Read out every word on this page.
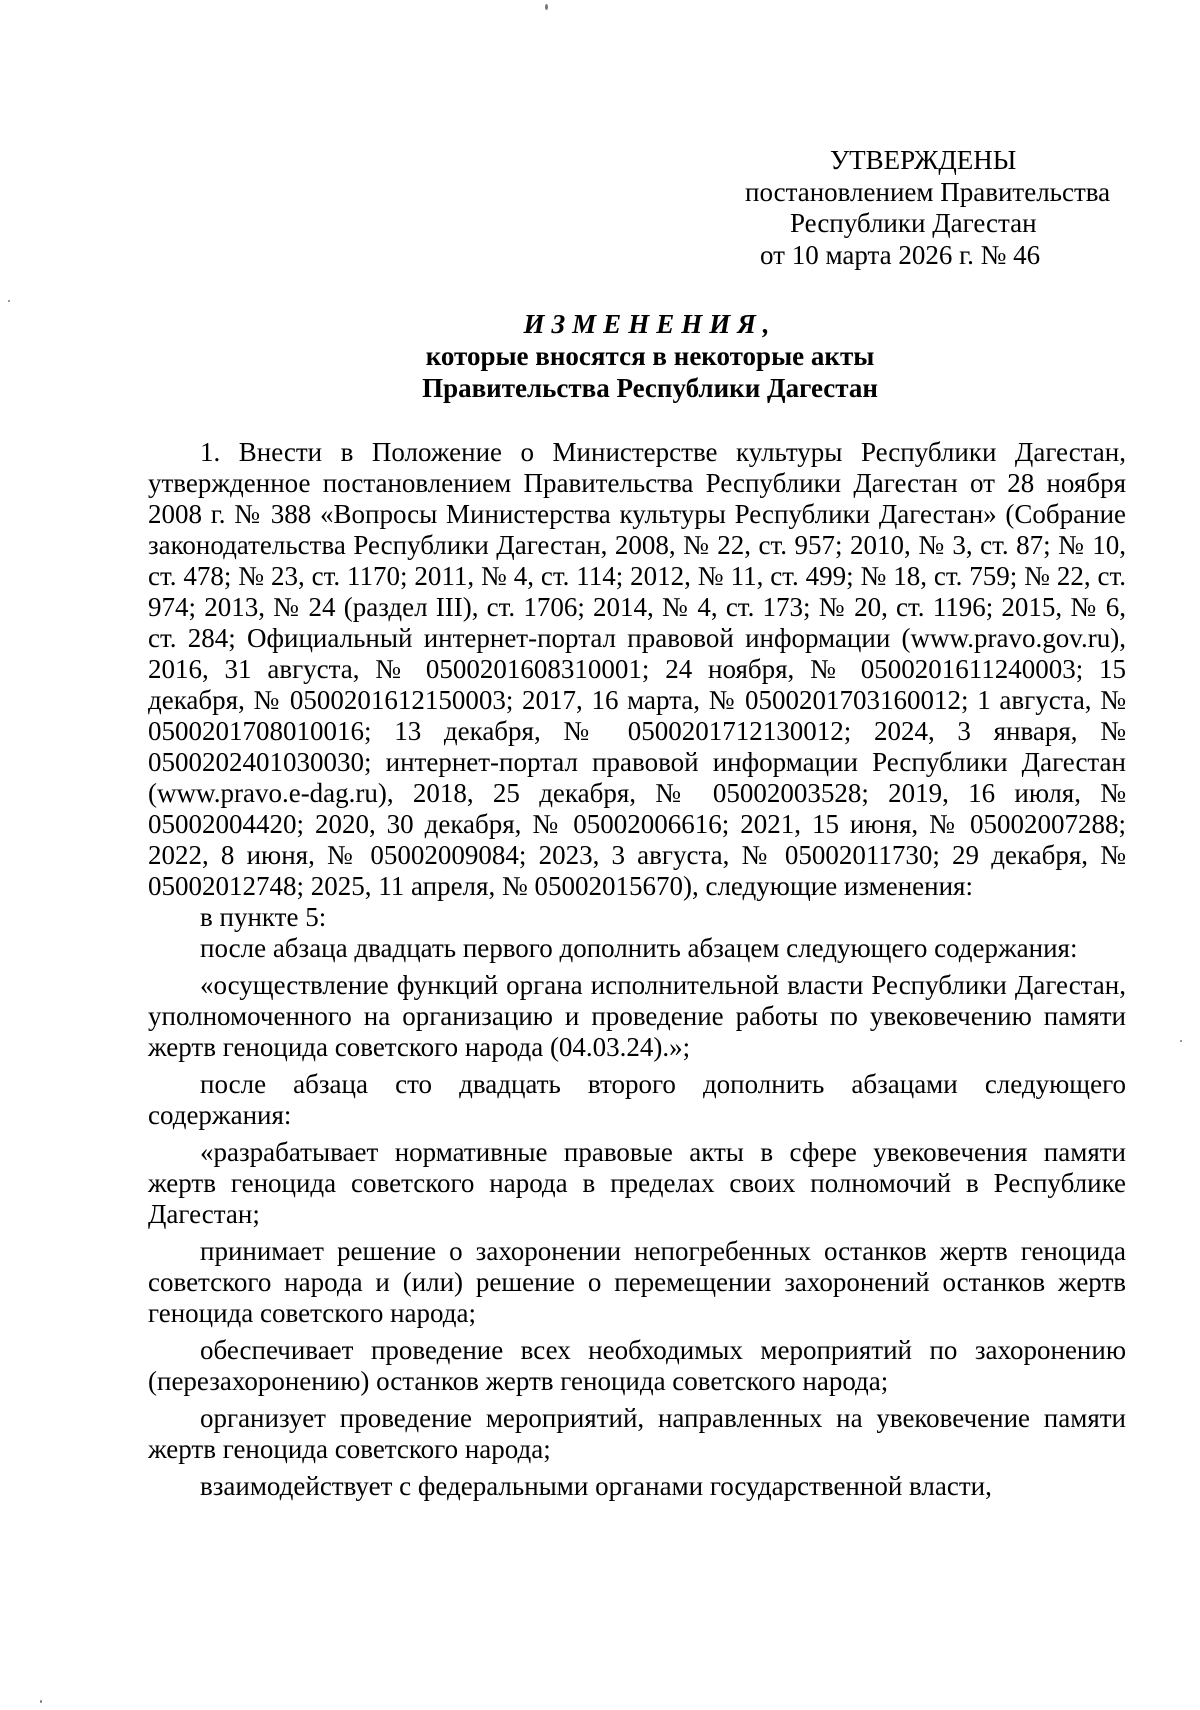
УТВЕРЖДЕНЫ
постановлением Правительства
Республики Дагестан
от 10 марта 2026 г. № 46
ИЗМЕНЕНИЯ,
которые вносятся в некоторые акты
Правительства Республики Дагестан

1. Внести в Положение о Министерстве культуры Республики Дагестан, утвержденное постановлением Правительства Республики Дагестан от 28 ноября 2008 г. № 388 «Вопросы Министерства культуры Республики Дагестан» (Собрание законодательства Республики Дагестан, 2008, № 22, ст. 957; 2010, № 3, ст. 87; № 10, ст. 478; № 23, ст. 1170; 2011, № 4, ст. 114; 2012, № 11, ст. 499; № 18, ст. 759; № 22, ст. 974; 2013, № 24 (раздел III), ст. 1706; 2014, № 4, ст. 173; № 20, ст. 1196; 2015, № 6, ст. 284; Официальный интернет-портал правовой информации (www.pravo.gov.ru), 2016, 31 августа, № 0500201608310001; 24 ноября, № 0500201611240003; 15 декабря, № 0500201612150003; 2017, 16 марта, № 0500201703160012; 1 августа, № 0500201708010016; 13 декабря, № 0500201712130012; 2024, 3 января, № 0500202401030030; интернет-портал правовой информации Республики Дагестан (www.pravo.e-dag.ru), 2018, 25 декабря, № 05002003528; 2019, 16 июля, № 05002004420; 2020, 30 декабря, № 05002006616; 2021, 15 июня, № 05002007288; 2022, 8 июня, № 05002009084; 2023, 3 августа, № 05002011730; 29 декабря, № 05002012748; 2025, 11 апреля, № 05002015670), следующие изменения:

в пункте 5:

после абзаца двадцать первого дополнить абзацем следующего содержания:

«осуществление функций органа исполнительной власти Республики Дагестан, уполномоченного на организацию и проведение работы по увековечению памяти жертв геноцида советского народа (04.03.24).»;

после абзаца сто двадцать второго дополнить абзацами следующего содержания:

«разрабатывает нормативные правовые акты в сфере увековечения памяти жертв геноцида советского народа в пределах своих полномочий в Республике Дагестан;

принимает решение о захоронении непогребенных останков жертв геноцида советского народа и (или) решение о перемещении захоронений останков жертв геноцида советского народа;

обеспечивает проведение всех необходимых мероприятий по захоронению (перезахоронению) останков жертв геноцида советского народа;

организует проведение мероприятий, направленных на увековечение памяти жертв геноцида советского народа;

взаимодействует с федеральными органами государственной власти,
